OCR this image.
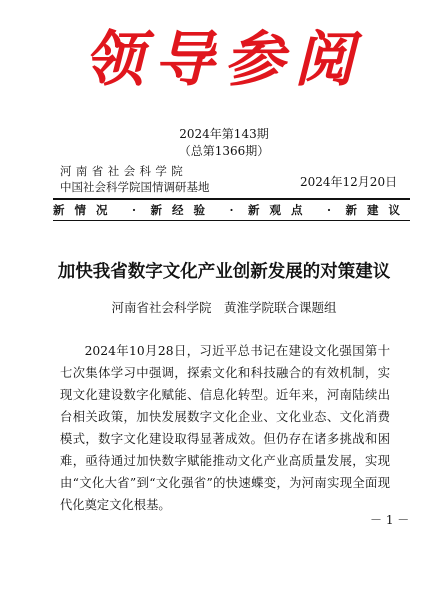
领导参阅
2024年第143期
（总第1366期）
河南省社会科学院
中国社会科学院国情调研基地	2024年12月20日
新情况 · 新经验 · 新观点 · 新建议
加快我省数字文化产业创新发展的对策建议
河南省社会科学院　黄淮学院联合课题组

2024年10月28日，习近平总书记在建设文化强国第十七次集体学习中强调，探索文化和科技融合的有效机制，实现文化建设数字化赋能、信息化转型。近年来，河南陆续出台相关政策，加快发展数字文化企业、文化业态、文化消费模式，数字文化建设取得显著成效。但仍存在诸多挑战和困难，亟待通过加快数字赋能推动文化产业高质量发展，实现由“文化大省”到“文化强省”的快速蝶变，为河南实现全面现代化奠定文化根基。

－ 1 －
